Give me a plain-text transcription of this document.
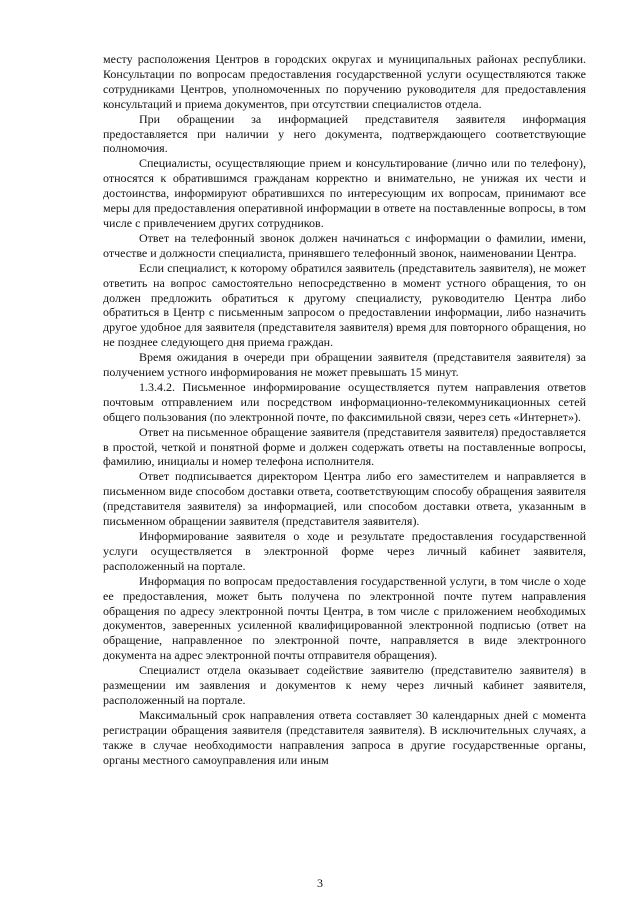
месту расположения Центров в городских округах и муниципальных районах республики. Консультации по вопросам предоставления государственной услуги осуществляются также сотрудниками Центров, уполномоченных по поручению руководителя для предоставления консультаций и приема документов, при отсутствии специалистов отдела.

При обращении за информацией представителя заявителя информация предоставляется при наличии у него документа, подтверждающего соответствующие полномочия.

Специалисты, осуществляющие прием и консультирование (лично или по телефону), относятся к обратившимся гражданам корректно и внимательно, не унижая их чести и достоинства, информируют обратившихся по интересующим их вопросам, принимают все меры для предоставления оперативной информации в ответе на поставленные вопросы, в том числе с привлечением других сотрудников.

Ответ на телефонный звонок должен начинаться с информации о фамилии, имени, отчестве и должности специалиста, принявшего телефонный звонок, наименовании Центра.

Если специалист, к которому обратился заявитель (представитель заявителя), не может ответить на вопрос самостоятельно непосредственно в момент устного обращения, то он должен предложить обратиться к другому специалисту, руководителю Центра либо обратиться в Центр с письменным запросом о предоставлении информации, либо назначить другое удобное для заявителя (представителя заявителя) время для повторного обращения, но не позднее следующего дня приема граждан.

Время ожидания в очереди при обращении заявителя (представителя заявителя) за получением устного информирования не может превышать 15 минут.

1.3.4.2. Письменное информирование осуществляется путем направления ответов почтовым отправлением или посредством информационно-телекоммуникационных сетей общего пользования (по электронной почте, по факсимильной связи, через сеть «Интернет»).

Ответ на письменное обращение заявителя (представителя заявителя) предоставляется в простой, четкой и понятной форме и должен содержать ответы на поставленные вопросы, фамилию, инициалы и номер телефона исполнителя.

Ответ подписывается директором Центра либо его заместителем и направляется в письменном виде способом доставки ответа, соответствующим способу обращения заявителя (представителя заявителя) за информацией, или способом доставки ответа, указанным в письменном обращении заявителя (представителя заявителя).

Информирование заявителя о ходе и результате предоставления государственной услуги осуществляется в электронной форме через личный кабинет заявителя, расположенный на портале.

Информация по вопросам предоставления государственной услуги, в том числе о ходе ее предоставления, может быть получена по электронной почте путем направления обращения по адресу электронной почты Центра, в том числе с приложением необходимых документов, заверенных усиленной квалифицированной электронной подписью (ответ на обращение, направленное по электронной почте, направляется в виде электронного документа на адрес электронной почты отправителя обращения).

Специалист отдела оказывает содействие заявителю (представителю заявителя) в размещении им заявления и документов к нему через личный кабинет заявителя, расположенный на портале.

Максимальный срок направления ответа составляет 30 календарных дней с момента регистрации обращения заявителя (представителя заявителя). В исключительных случаях, а также в случае необходимости направления запроса в другие государственные органы, органы местного самоуправления или иным

3
